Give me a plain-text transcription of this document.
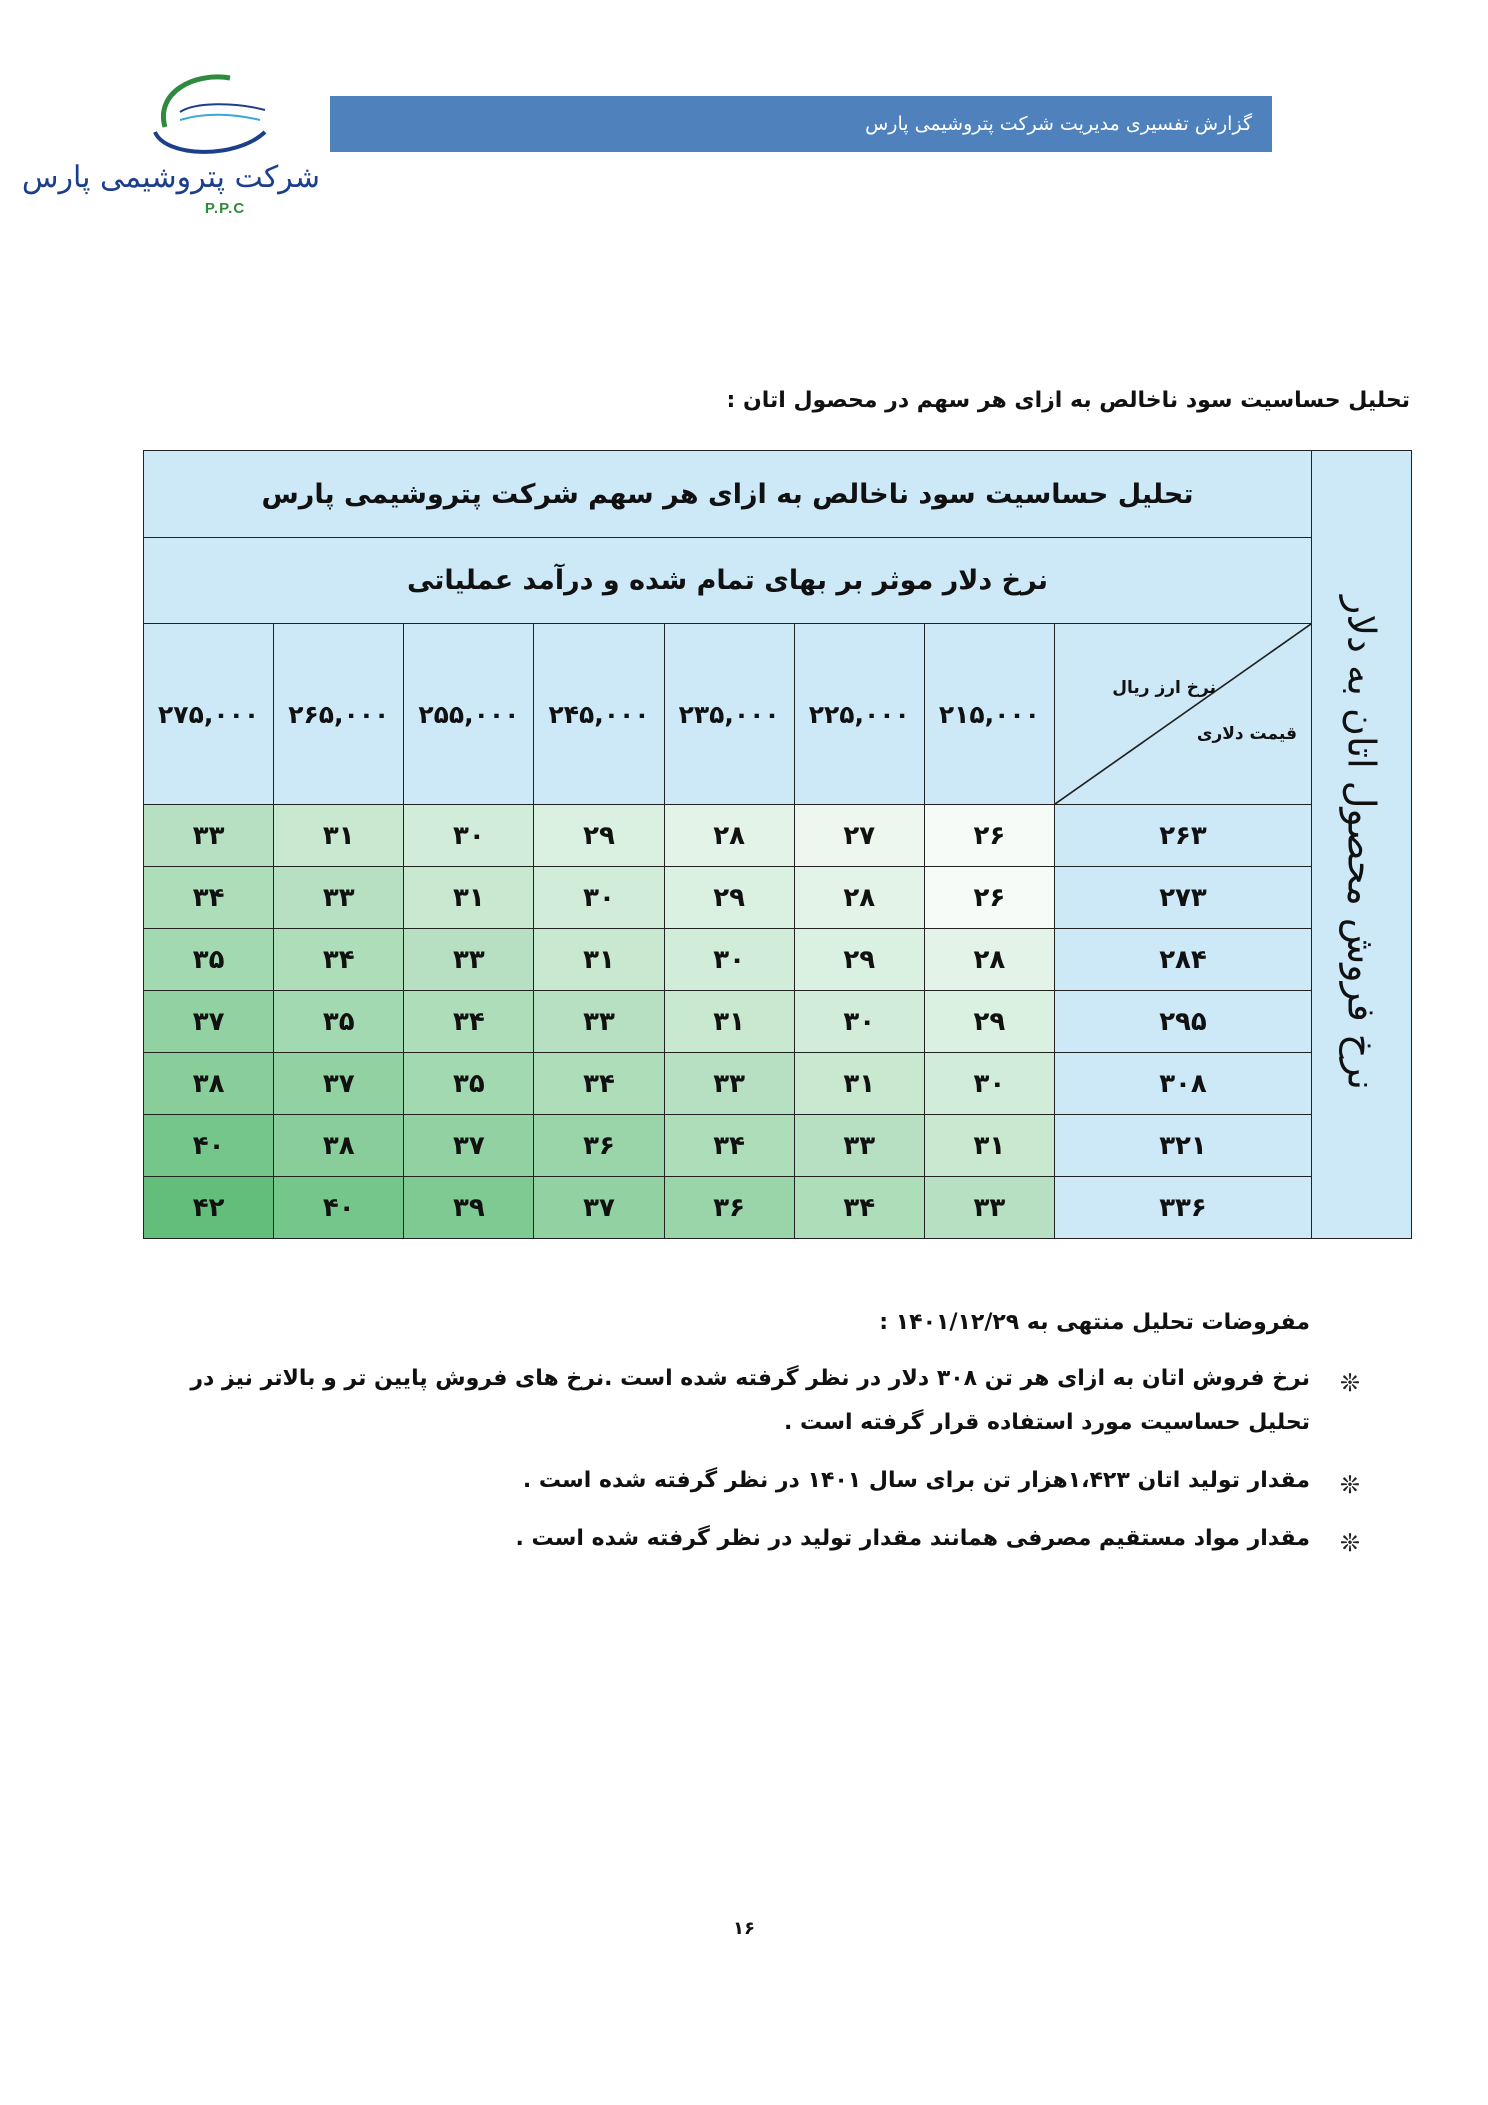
شرکت پتروشیمی پارس
P.P.C
گزارش تفسیری مدیریت شرکت پتروشیمی پارس
تحلیل حساسیت سود ناخالص به ازای هر سهم در محصول اتان :
نرخ فروش محصول اتان به دلار	تحلیل حساسیت سود ناخالص به ازای هر سهم شرکت پتروشیمی پارس							
	نرخ دلار موثر بر بهای تمام شده و درآمد عملیاتی							

	نرخ ارز ریال
قیمت دلاری	۲۱۵,۰۰۰	۲۲۵,۰۰۰	۲۳۵,۰۰۰	۲۴۵,۰۰۰	۲۵۵,۰۰۰	۲۶۵,۰۰۰	۲۷۵,۰۰۰
	۲۶۳	۲۶	۲۷	۲۸	۲۹	۳۰	۳۱	۳۳
	۲۷۳	۲۶	۲۸	۲۹	۳۰	۳۱	۳۳	۳۴
	۲۸۴	۲۸	۲۹	۳۰	۳۱	۳۳	۳۴	۳۵
	۲۹۵	۲۹	۳۰	۳۱	۳۳	۳۴	۳۵	۳۷
	۳۰۸	۳۰	۳۱	۳۳	۳۴	۳۵	۳۷	۳۸
	۳۲۱	۳۱	۳۳	۳۴	۳۶	۳۷	۳۸	۴۰
	۳۳۶	۳۳	۳۴	۳۶	۳۷	۳۹	۴۰	۴۲

مفروضات تحلیل منتهی به ۱۴۰۱/۱۲/۲۹ :

❊
نرخ فروش اتان به ازای هر تن ۳۰۸ دلار در نظر گرفته شده است .نرخ های فروش پایین تر و بالاتر نیز در تحلیل حساسیت مورد استفاده قرار گرفته است .
❊
مقدار تولید اتان ۱،۴۲۳هزار تن برای سال ۱۴۰۱ در نظر گرفته شده است .
❊
مقدار مواد مستقیم مصرفی همانند مقدار تولید در نظر گرفته شده است .
۱۶
